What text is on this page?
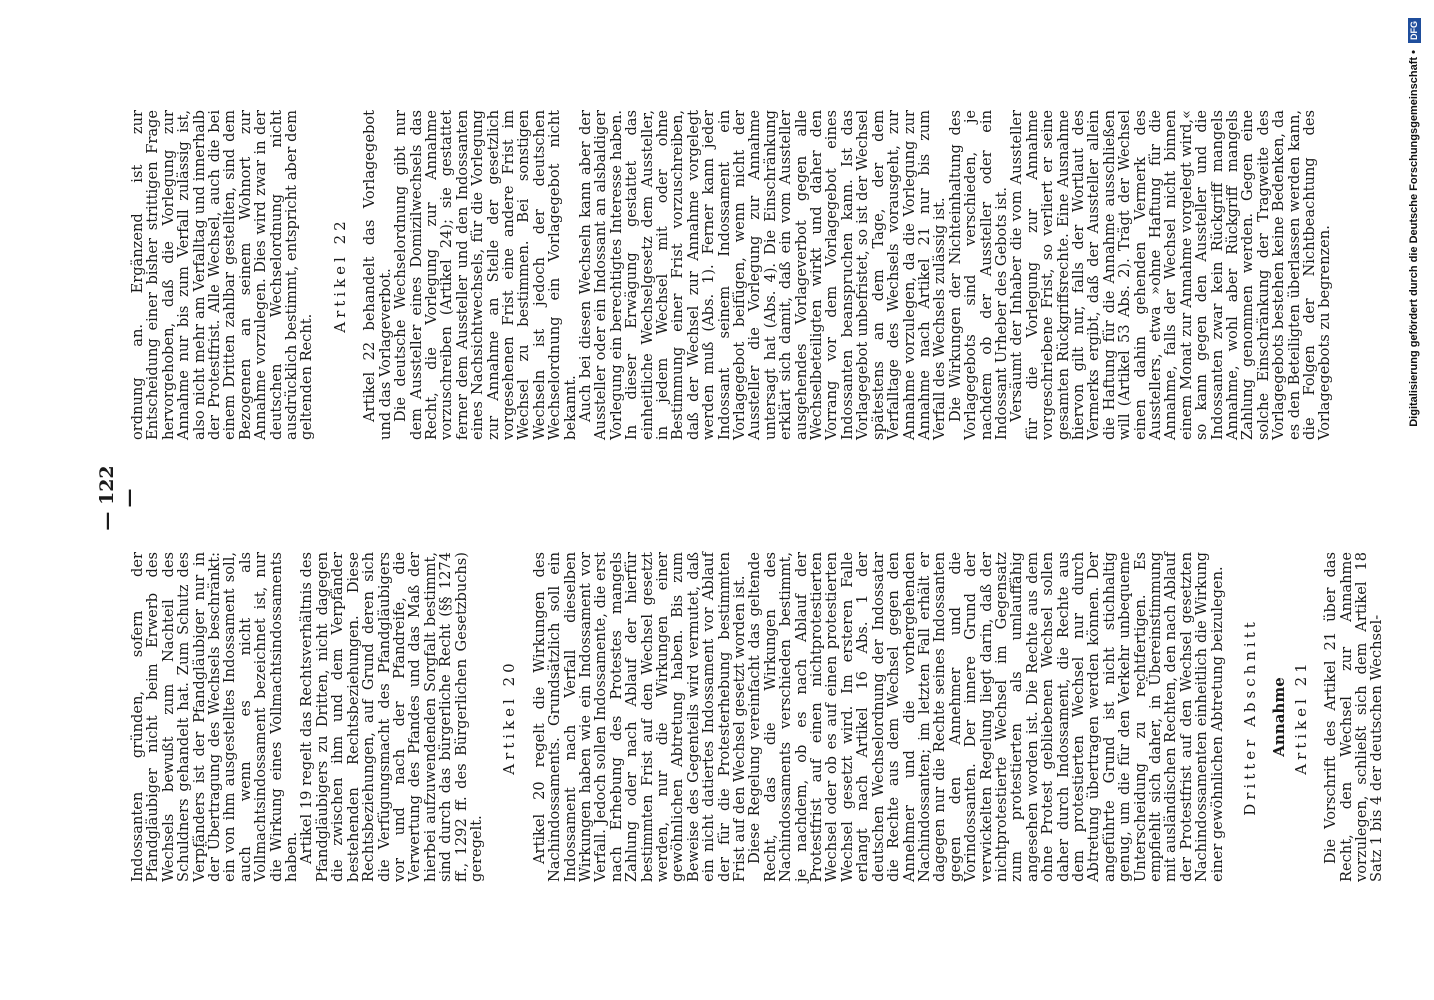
— 122 —

Indossanten gründen, sofern der Pfandgläubiger nicht beim Erwerb des Wechsels bewußt zum Nachteil des Schuldners gehandelt hat. Zum Schutz des Verpfänders ist der Pfandgläubiger nur in der Übertragung des Wechsels beschränkt: ein von ihm ausgestelltes Indossament soll, auch wenn es nicht als Vollmachtsindossament bezeichnet ist, nur die Wirkung eines Vollmachtsindossaments haben.

Artikel 19 regelt das Rechtsverhältnis des Pfandgläubigers zu Dritten, nicht dagegen die zwischen ihm und dem Verpfänder bestehenden Rechtsbeziehungen. Diese Rechtsbeziehungen, auf Grund deren sich die Verfügungsmacht des Pfandgläubigers vor und nach der Pfandreife, die Verwertung des Pfandes und das Maß der hierbei aufzuwendenden Sorgfalt bestimmt, sind durch das bürgerliche Recht (§§ 1274 ff., 1292 ff. des Bürgerlichen Gesetzbuchs) geregelt.

Artikel 20 Artikel 20 regelt die Wirkungen des Nachindossaments. Grundsätzlich soll ein Indossament nach Verfall dieselben Wirkungen haben wie ein Indossament vor Verfall. Jedoch sollen Indossamente, die erst nach Erhebung des Protestes mangels Zahlung oder nach Ablauf der hierfür bestimmten Frist auf den Wechsel gesetzt werden, nur die Wirkungen einer gewöhnlichen Abtretung haben. Bis zum Beweise des Gegenteils wird vermutet, daß ein nicht datiertes Indossament vor Ablauf der für die Protesterhebung bestimmten Frist auf den Wechsel gesetzt worden ist.

Diese Regelung vereinfacht das geltende Recht, das die Wirkungen des Nachindossaments verschieden bestimmt, je nachdem, ob es nach Ablauf der Protestfrist auf einen nichtprotestierten Wechsel oder ob es auf einen protestierten Wechsel gesetzt wird. Im ersteren Falle erlangt nach Artikel 16 Abs. 1 der deutschen Wechselordnung der Indossatar die Rechte aus dem Wechsel gegen den Annehmer und die vorhergehenden Nachindossanten; im letzten Fall erhält er dagegen nur die Rechte seines Indossanten gegen den Annehmer und die Vorindossanten. Der innere Grund der verwickelten Regelung liegt darin, daß der nichtprotestierte Wechsel im Gegensatz zum protestierten als umlauffähig angesehen worden ist. Die Rechte aus dem ohne Protest gebliebenen Wechsel sollen daher durch Indossament, die Rechte aus dem protestierten Wechsel nur durch Abtretung übertragen werden können. Der angeführte Grund ist nicht stichhaltig genug, um die für den Verkehr unbequeme Unterscheidung zu rechtfertigen. Es empfiehlt sich daher, in Übereinstimmung mit ausländischen Rechten, den nach Ablauf der Protestfrist auf den Wechsel gesetzten Nachindossamenten einheitlich die Wirkung einer gewöhnlichen Abtretung beizulegen. Dritter Abschnitt Annahme Artikel 21 Die Vorschrift des Artikel 21 über das Recht, den Wechsel zur Annahme vorzulegen, schließt sich dem Artikel 18 Satz 1 bis 4 der deutschen Wechsel-

ordnung an. Ergänzend ist zur Entscheidung einer bisher strittigen Frage hervorgehoben, daß die Vorlegung zur Annahme nur bis zum Verfall zulässig ist, also nicht mehr am Verfalltag und innerhalb der Protestfrist. Alle Wechsel, auch die bei einem Dritten zahlbar gestellten, sind dem Bezogenen an seinem Wohnort zur Annahme vorzulegen. Dies wird zwar in der deutschen Wechselordnung nicht ausdrücklich bestimmt, entspricht aber dem geltenden Recht.

Artikel 22 Artikel 22 behandelt das Vorlagegebot und das Vorlageverbot.

Die deutsche Wechselordnung gibt nur dem Aussteller eines Domizilwechsels das Recht, die Vorlegung zur Annahme vorzuschreiben (Artikel 24); sie gestattet ferner dem Aussteller und den Indossanten eines Nachsichtwechsels, für die Vorlegung zur Annahme an Stelle der gesetzlich vorgesehenen Frist eine andere Frist im Wechsel zu bestimmen. Bei sonstigen Wechseln ist jedoch der deutschen Wechselordnung ein Vorlagegebot nicht bekannt.

Auch bei diesen Wechseln kann aber der Aussteller oder ein Indossant an alsbaldiger Vorlegung ein berechtigtes Interesse haben. In dieser Erwägung gestattet das einheitliche Wechselgesetz dem Aussteller, in jedem Wechsel mit oder ohne Bestimmung einer Frist vorzuschreiben, daß der Wechsel zur Annahme vorgelegt werden muß (Abs. 1). Ferner kann jeder Indossant seinem Indossament ein Vorlagegebot beifügen, wenn nicht der Aussteller die Vorlegung zur Annahme untersagt hat (Abs. 4). Die Einschränkung erklärt sich damit, daß ein vom Aussteller ausgehendes Vorlageverbot gegen alle Wechselbeteiligten wirkt und daher den Vorrang vor dem Vorlagegebot eines Indossanten beanspruchen kann. Ist das Vorlagegebot unbefristet, so ist der Wechsel spätestens an dem Tage, der dem Verfalltage des Wechsels vorausgeht, zur Annahme vorzulegen, da die Vorlegung zur Annahme nach Artikel 21 nur bis zum Verfall des Wechsels zulässig ist.

Die Wirkungen der Nichteinhaltung des Vorlagegebots sind verschieden, je nachdem ob der Aussteller oder ein Indossant Urheber des Gebots ist.

Versäumt der Inhaber die vom Aussteller für die Vorlegung zur Annahme vorgeschriebene Frist, so verliert er seine gesamten Rückgriffsrechte. Eine Ausnahme hiervon gilt nur, falls der Wortlaut des Vermerks ergibt, daß der Aussteller allein die Haftung für die Annahme ausschließen will (Artikel 53 Abs. 2). Trägt der Wechsel einen dahin gehenden Vermerk des Ausstellers, etwa »ohne Haftung für die Annahme, falls der Wechsel nicht binnen einem Monat zur Annahme vorgelegt wird,« so kann gegen den Aussteller und die Indossanten zwar kein Rückgriff mangels Annahme, wohl aber Rückgriff mangels Zahlung genommen werden. Gegen eine solche Einschränkung der Tragweite des Vorlagegebots bestehen keine Bedenken, da es den Beteiligten überlassen werden kann, die Folgen der Nichtbeachtung des Vorlagegebots zu begrenzen.	Digitalisierung gefördert durch die Deutsche Forschungsgemeinschaft • DFG
